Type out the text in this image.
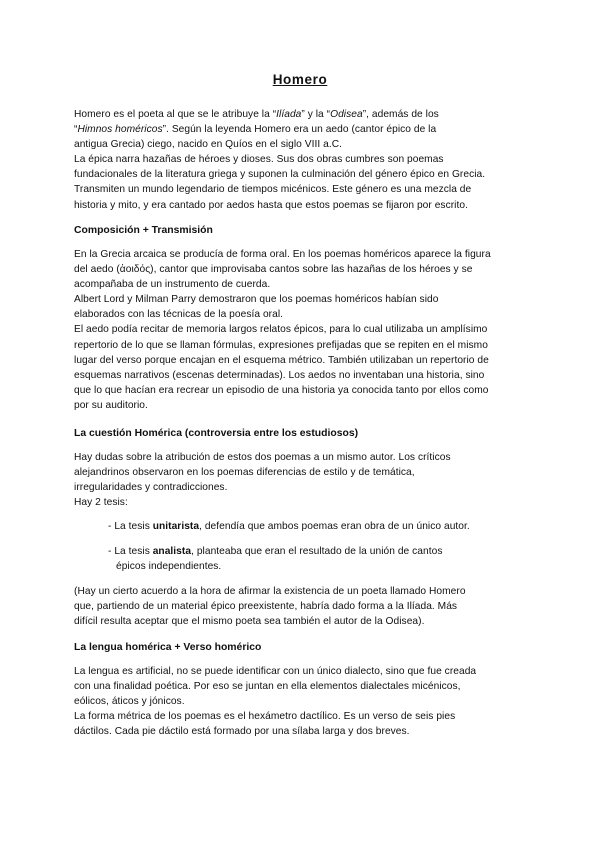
Homero
Homero es el poeta al que se le atribuye la “Ilíada” y la “Odisea”, además de los
“Himnos homéricos”. Según la leyenda Homero era un aedo (cantor épico de la
antigua Grecia) ciego, nacido en Quíos en el siglo VIII a.C.
La épica narra hazañas de héroes y dioses. Sus dos obras cumbres son poemas
fundacionales de la literatura griega y suponen la culminación del género épico en Grecia.
Transmiten un mundo legendario de tiempos micénicos. Este género es una mezcla de
historia y mito, y era cantado por aedos hasta que estos poemas se fijaron por escrito.
Composición + Transmisión
En la Grecia arcaica se producía de forma oral. En los poemas homéricos aparece la figura
del aedo (ἀοιδός), cantor que improvisaba cantos sobre las hazañas de los héroes y se
acompañaba de un instrumento de cuerda.
Albert Lord y Milman Parry demostraron que los poemas homéricos habían sido
elaborados con las técnicas de la poesía oral.
El aedo podía recitar de memoria largos relatos épicos, para lo cual utilizaba un amplísimo
repertorio de lo que se llaman fórmulas, expresiones prefijadas que se repiten en el mismo
lugar del verso porque encajan en el esquema métrico. También utilizaban un repertorio de
esquemas narrativos (escenas determinadas). Los aedos no inventaban una historia, sino
que lo que hacían era recrear un episodio de una historia ya conocida tanto por ellos como
por su auditorio.
La cuestión Homérica (controversia entre los estudiosos)
Hay dudas sobre la atribución de estos dos poemas a un mismo autor. Los críticos
alejandrinos observaron en los poemas diferencias de estilo y de temática,
irregularidades y contradicciones.
Hay 2 tesis:
- La tesis unitarista, defendía que ambos poemas eran obra de un único autor.
- La tesis analista, planteaba que eran el resultado de la unión de cantos
épicos independientes.
(Hay un cierto acuerdo a la hora de afirmar la existencia de un poeta llamado Homero
que, partiendo de un material épico preexistente, habría dado forma a la Ilíada. Más
difícil resulta aceptar que el mismo poeta sea también el autor de la Odisea).
La lengua homérica + Verso homérico
La lengua es artificial, no se puede identificar con un único dialecto, sino que fue creada
con una finalidad poética. Por eso se juntan en ella elementos dialectales micénicos,
eólicos, áticos y jónicos.
La forma métrica de los poemas es el hexámetro dactílico. Es un verso de seis pies
dáctilos. Cada pie dáctilo está formado por una sílaba larga y dos breves.
